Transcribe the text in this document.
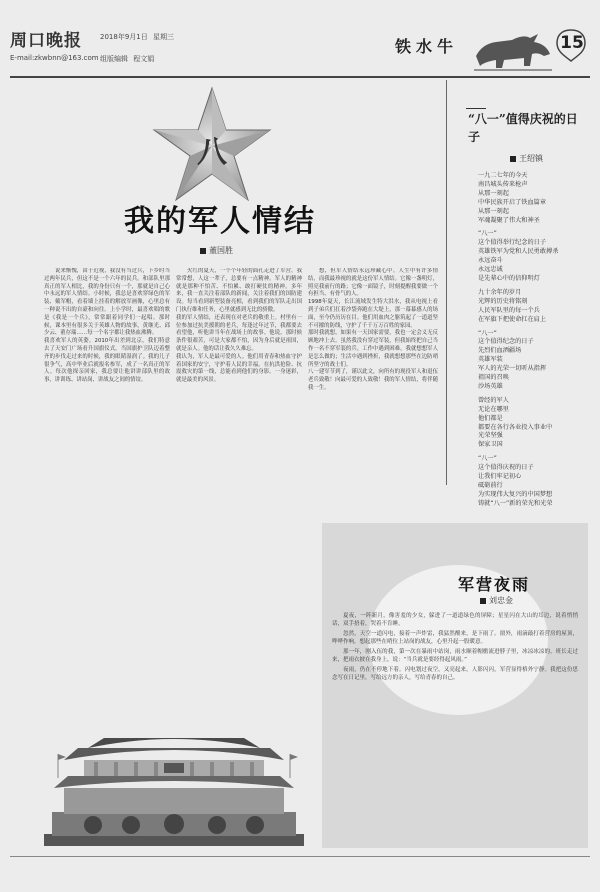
周口晚报	2018年9月1日 星期三
E-mail:zkwbnn@163.com 组版编辑 程文娟
铁水牛	15
八
我的军人情结
董国胜

说来惭愧，由于近视，我没有当过兵，下乡时当过两年民兵，但这不是一个六年的民兵。和部队里那真正的军人相比，我的身份只有一个，那就是自己心中永远的军人情结。小时候，我总是喜欢穿绿色的军装、戴军帽，看着墙上挂着的解放军画像，心里总有一种说不出的自豪和向往。上小学时，最喜欢唱的歌是《我是一个兵》，常常跟着同学们一起唱。那时候，课本里有很多关于英雄人物的故事，黄继光、邱少云、董存瑞……每一个名字都让我热血沸腾。
我喜欢军人的英姿。2010年出差到北京，我们特意去了天安门广场看升国旗仪式。当国旗护卫队迈着整齐的步伐走过来的时候，我的眼睛湿润了。我的儿子很争气，高中毕业后就报名参军，成了一名真正的军人。每次他探亲回家，我总要让他讲讲部队里的故事，讲训练、讲站岗、讲战友之间的情谊。

火红的夏天，一个个年轻的面孔走进了军营。我常常想，人这一辈子，总要有一点精神。军人的精神就是那种不怕苦、不怕累、敢打硬仗的精神。多年来，我一直关注着部队的新闻，关注着我们的国防建设。每当看到新型装备亮相，看到我们的军队走出国门执行维和任务，心里就感到无比的骄傲。
我的军人情结，还表现在对老兵的敬重上。村里有一位参加过抗美援朝的老兵，每逢过年过节，我都要去看望他，听他讲当年在战场上的故事。他说，那时候条件很艰苦，可是大家都不怕，因为身后就是祖国，就是亲人。他的话让我久久难忘。
我认为，军人是最可爱的人。他们用青春和热血守护着国家的安宁，守护着人民的幸福。在抗洪抢险、抗震救灾的第一线，总能看到他们的身影。一身迷彩，就是最美的风景。

想，但军人情结永远珍藏心中。人生中有许多情结，而我最珍视的就是这份军人情结。它像一盏明灯，照亮我前行的路；它像一面镜子，时刻提醒我要做一个有担当、有骨气的人。
1998年夏天，长江流域发生特大洪水，我从电视上看到子弟兵们扛着沙袋奔跑在大堤上，那一幕幕感人的场面，至今仍历历在目。他们用血肉之躯筑起了一道道坚不可摧的防线，守护了千千万万百姓的家园。
那时我就想，如果有一天国家需要，我也一定会义无反顾地冲上去。虽然我没有穿过军装，但我始终把自己当作一名不穿军装的兵。工作中遇到困难，我就想想军人是怎么做的；生活中遇到挫折，我就想想那些在边防哨所坚守的战士们。
八一建军节到了，谨以此文，向所有的现役军人和退伍老兵致敬！向最可爱的人致敬！我的军人情结，将伴随我一生。

“八一”值得庆祝的日子
王绍镇
一九二七年的今天
南昌城头传来枪声
从那一刻起
中华民族开启了铁血篇章
从那一刻起
军魂凝聚了伟大和神圣
“八一”
这个值得举行纪念的日子
英雄铁军为党和人民勇敢搏杀
永远奋斗
永远忠诚
是先辈心中的信仰明灯
九十余年的岁月
光辉的历史将铭刻
人民军队里的每一个兵
在军旗下把使命扛在肩上
“八一”
这个值得纪念的日子
先烈们血洒疆场
英雄军装
军人的光荣一切听从指挥
祖国的召唤
沙场英雄
曾经的军人
无论在哪里
他们都是
都要在各行各业投入事业中
光荣坚强
保家卫国
“八一”
这个值得庆祝的日子
让我们牢记初心
砥砺前行
为实现伟大复兴的中国梦想
铸就“八一”新的荣光和光荣
军营夜雨
刘忠金

夏夜，一阵新月，像害羞的少女，躲进了一道道绿色的屏障；星星闪在大山的耳边，说着悄悄话，双手捂着，哭着不肯睡。

忽然，天空一道闪电，接着一声炸雷，我猛然醒来，是下雨了。窗外，雨滴敲打着营房的屋顶，哗哗作响。想起那些在哨位上站岗的战友，心里升起一股暖意。

那一年，刚入伍的我，第一次在暴雨中站岗，雨水顺着帽檐流进脖子里，冰凉冰凉的。班长走过来，把雨衣披在我身上，说：“当兵就是要经得起风雨。”

夜雨，仍在不停地下着。闪电划过夜空，又亮起来，人影闪闪，军营显得格外宁静。我把这份思念写在日记里，写给远方的亲人，写给青春的自己。
